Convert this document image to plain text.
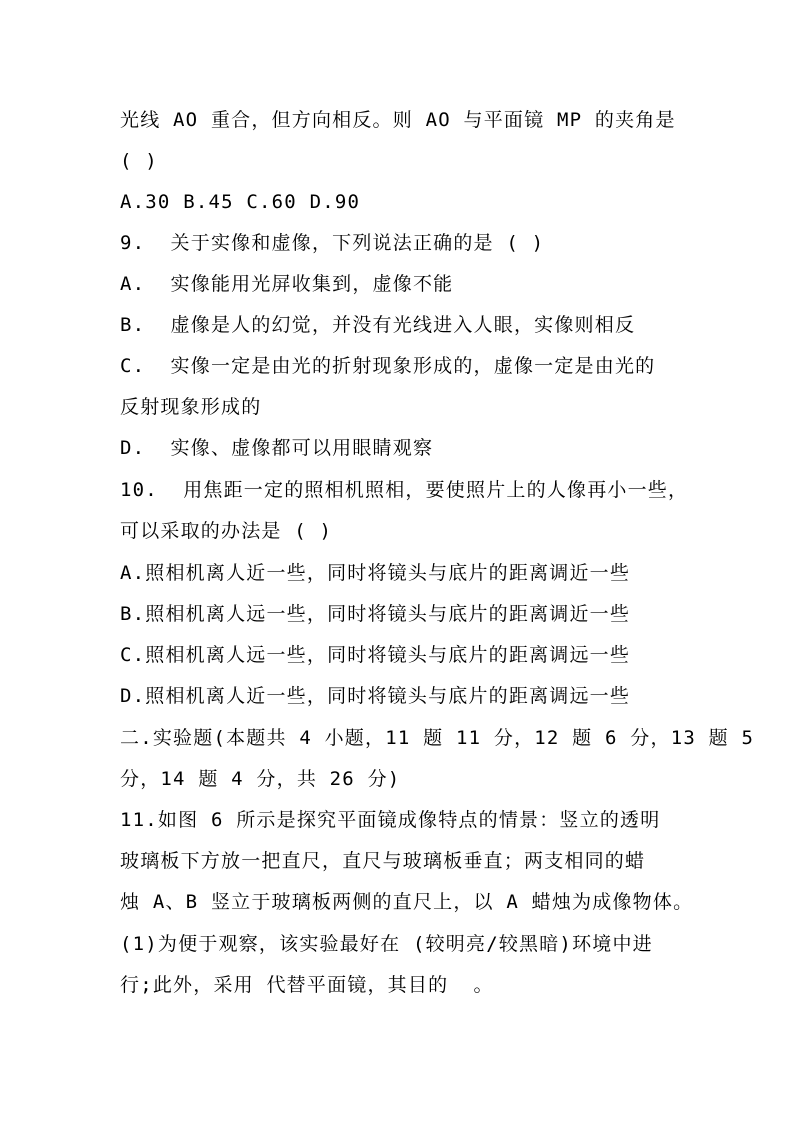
光线 AO 重合，但方向相反。则 AO 与平面镜 MP 的夹角是
( )
A.30 B.45 C.60 D.90
9.  关于实像和虚像，下列说法正确的是 ( )
A.  实像能用光屏收集到，虚像不能
B.  虚像是人的幻觉，并没有光线进入人眼，实像则相反
C.  实像一定是由光的折射现象形成的，虚像一定是由光的
反射现象形成的
D.  实像、虚像都可以用眼睛观察
10.  用焦距一定的照相机照相，要使照片上的人像再小一些，
可以采取的办法是 ( )
A.照相机离人近一些，同时将镜头与底片的距离调近一些
B.照相机离人远一些，同时将镜头与底片的距离调近一些
C.照相机离人远一些，同时将镜头与底片的距离调远一些
D.照相机离人近一些，同时将镜头与底片的距离调远一些
二.实验题(本题共 4 小题，11 题 11 分，12 题 6 分，13 题 5
分，14 题 4 分，共 26 分)
11.如图 6 所示是探究平面镜成像特点的情景：竖立的透明
玻璃板下方放一把直尺，直尺与玻璃板垂直；两支相同的蜡
烛 A、B 竖立于玻璃板两侧的直尺上，以 A 蜡烛为成像物体。
(1)为便于观察，该实验最好在 (较明亮/较黑暗)环境中进
行;此外，采用 代替平面镜，其目的  。
